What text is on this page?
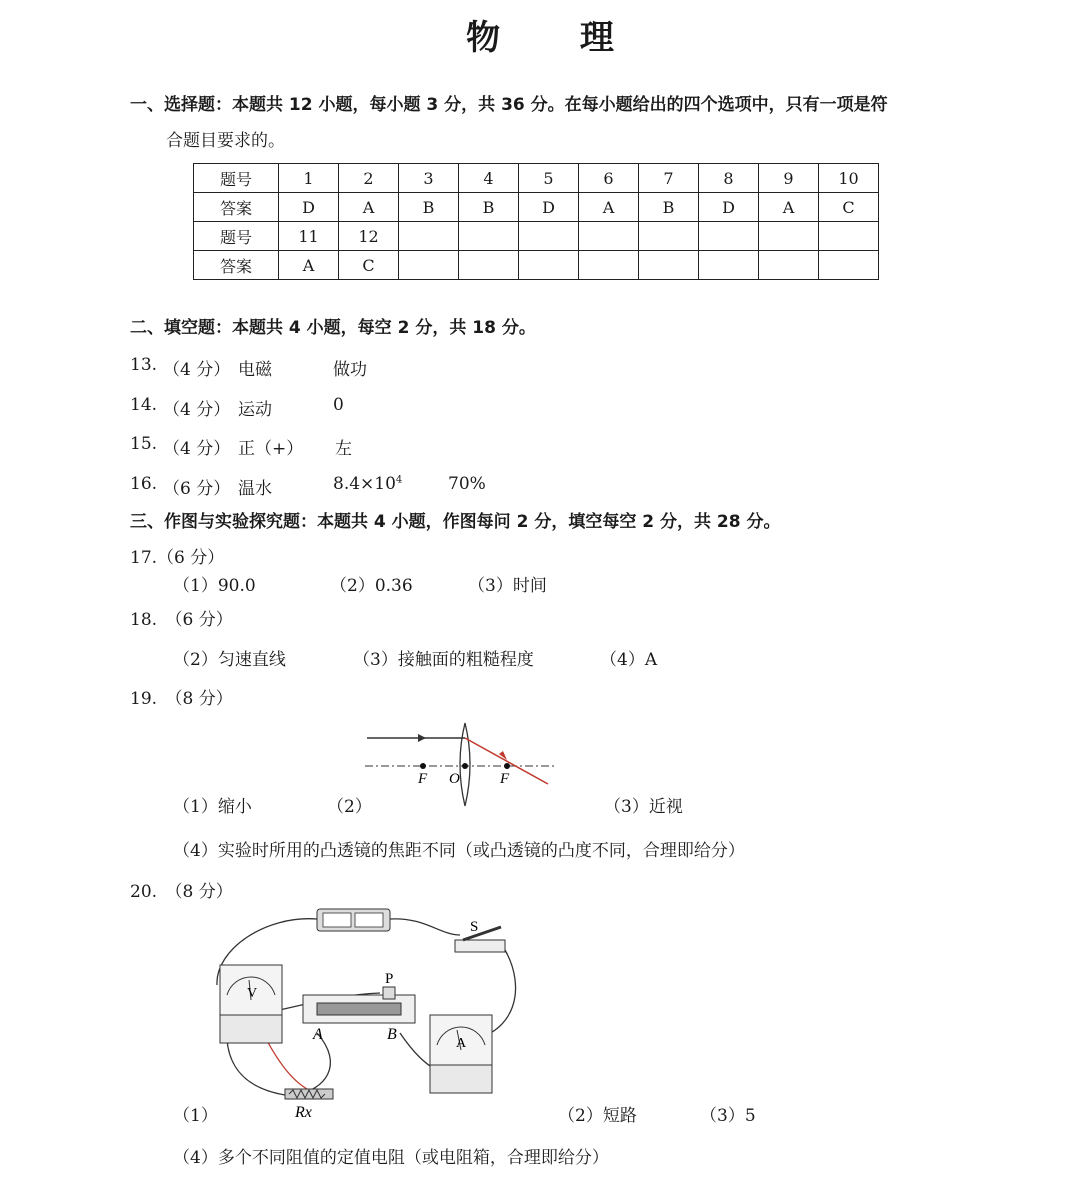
物 理
一、选择题：本题共 12 小题，每小题 3 分，共 36 分。在每小题给出的四个选项中，只有一项是符
合题目要求的。
题号	1	2	3	4	5	6	7	8	9	10
答案	D	A	B	B	D	A	B	D	A	C
题号	11	12								
答案	A	C								
二、填空题：本题共 4 小题，每空 2 分，共 18 分。
13. （4 分） 电磁	做功
14. （4 分） 运动	0
15. （4 分） 正（+） 左
16. （6 分） 温水	$8.4\times 10^4$	70%
三、作图与实验探究题：本题共 4 小题，作图每问 2 分，填空每空 2 分，共 28 分。
17.（6 分）
（1）90.0	（2）0.36	（3）时间
18.　（6 分）
（2）匀速直线	（3）接触面的粗糙程度	（4）A
19.　（8 分）
F O	F
（1）缩小	（2）	（3）近视
（4）实验时所用的凸透镜的焦距不同（或凸透镜的凸度不同，合理即给分）
20.　（8 分）
S
V
P
A	B
A
Rx
（1）	（2）短路	（3）5
（4）多个不同阻值的定值电阻（或电阻箱，合理即给分）
